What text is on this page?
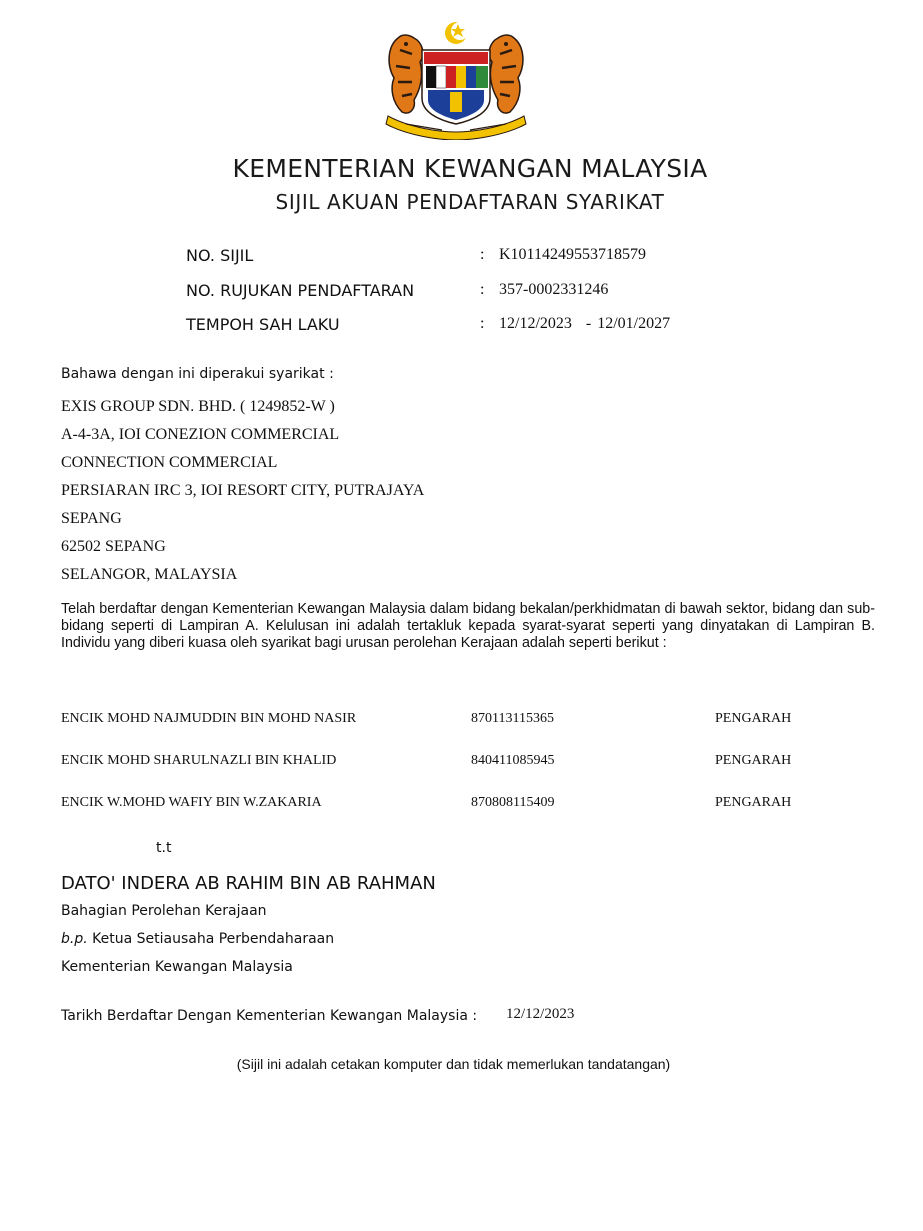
KEMENTERIAN KEWANGAN MALAYSIA
SIJIL AKUAN PENDAFTARAN SYARIKAT
NO. SIJIL	: K10114249553718579
NO. RUJUKAN PENDAFTARAN	: 357-0002331246
TEMPOH SAH LAKU	: 12/12/2023 - 12/01/2027
Bahawa dengan ini diperakui syarikat :
EXIS GROUP SDN. BHD. ( 1249852-W )
A-4-3A, IOI CONEZION COMMERCIAL
CONNECTION COMMERCIAL
PERSIARAN IRC 3, IOI RESORT CITY, PUTRAJAYA
SEPANG
62502 SEPANG
SELANGOR, MALAYSIA
Telah berdaftar dengan Kementerian Kewangan Malaysia dalam bidang bekalan/perkhidmatan di bawah sektor, bidang dan sub-bidang seperti di Lampiran A. Kelulusan ini adalah tertakluk kepada syarat-syarat seperti yang dinyatakan di Lampiran B. Individu yang diberi kuasa oleh syarikat bagi urusan perolehan Kerajaan adalah seperti berikut :
ENCIK MOHD NAJMUDDIN BIN MOHD NASIR	870113115365	PENGARAH
ENCIK MOHD SHARULNAZLI BIN KHALID	840411085945	PENGARAH
ENCIK W.MOHD WAFIY BIN W.ZAKARIA	870808115409	PENGARAH
t.t
DATO' INDERA AB RAHIM BIN AB RAHMAN
Bahagian Perolehan Kerajaan
b.p. Ketua Setiausaha Perbendaharaan
Kementerian Kewangan Malaysia
Tarikh Berdaftar Dengan Kementerian Kewangan Malaysia : 12/12/2023
(Sijil ini adalah cetakan komputer dan tidak memerlukan tandatangan)
